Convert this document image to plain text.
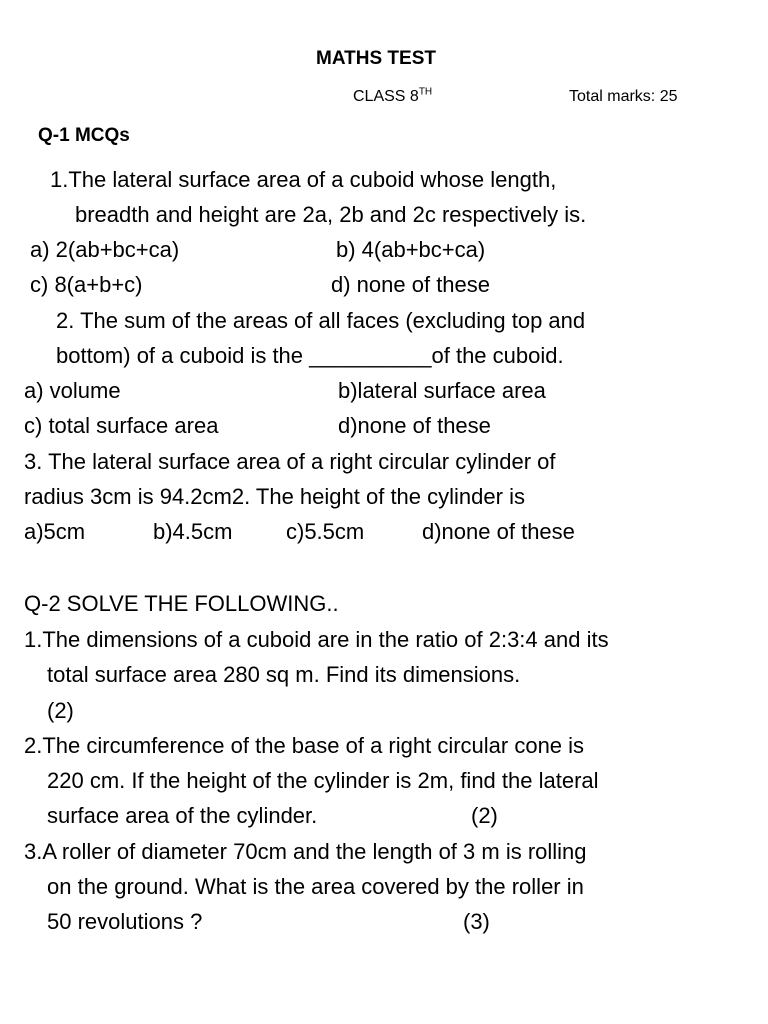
MATHS TEST
CLASS 8TH	Total marks: 25
Q-1 MCQs
1.The lateral surface area of a cuboid whose length,
breadth and height are 2a, 2b and 2c respectively is.
a) 2(ab+bc+ca)	b) 4(ab+bc+ca)
c) 8(a+b+c)	d) none of these
2. The sum of the areas of all faces (excluding top and
bottom) of a cuboid is the __________of the cuboid.
a) volume	b)lateral surface area
c) total surface area	d)none of these
3. The lateral surface area of a right circular cylinder of
radius 3cm is 94.2cm2. The height of the cylinder is
a)5cm	b)4.5cm c)5.5cm	d)none of these
Q-2 SOLVE THE FOLLOWING..
1.The dimensions of a cuboid are in the ratio of 2:3:4 and its
total surface area 280 sq m. Find its dimensions.
(2)
2.The circumference of the base of a right circular cone is
220 cm. If the height of the cylinder is 2m, find the lateral
surface area of the cylinder.	(2)
3.A roller of diameter 70cm and the length of 3 m is rolling
on the ground. What is the area covered by the roller in
50 revolutions ?	(3)
